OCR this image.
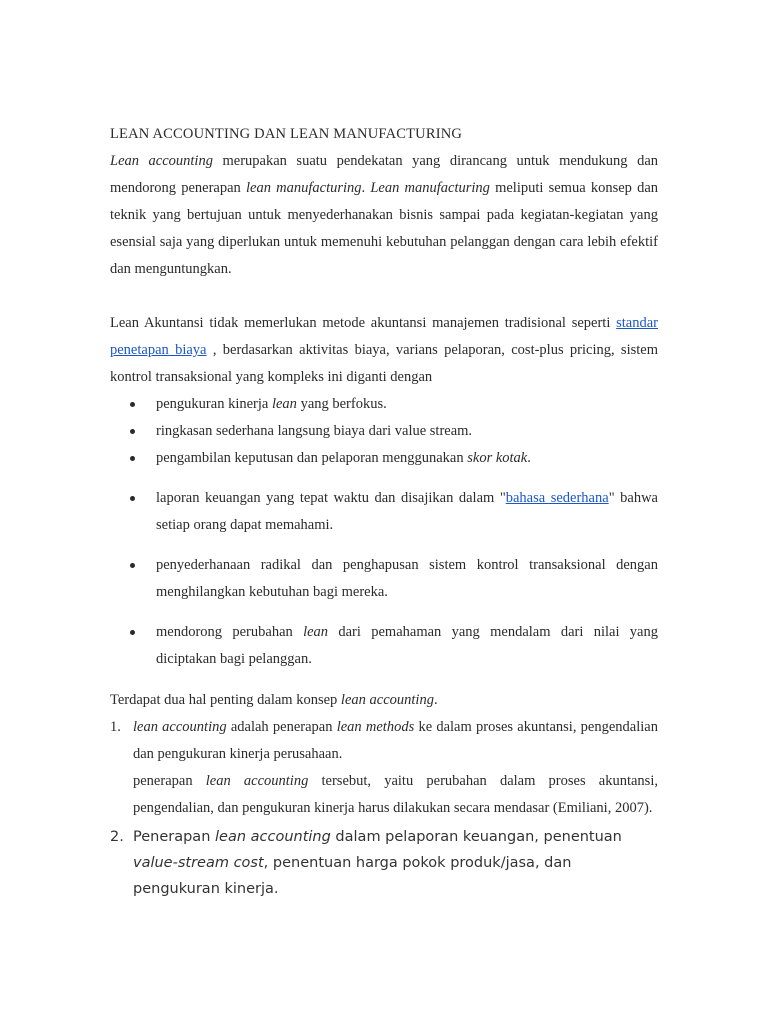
LEAN ACCOUNTING DAN LEAN MANUFACTURING

Lean accounting merupakan suatu pendekatan yang dirancang untuk mendukung dan mendorong penerapan lean manufacturing. Lean manufacturing meliputi semua konsep dan teknik yang bertujuan untuk menyederhanakan bisnis sampai pada kegiatan-kegiatan yang esensial saja yang diperlukan untuk memenuhi kebutuhan pelanggan dengan cara lebih efektif dan menguntungkan.

Lean Akuntansi tidak memerlukan metode akuntansi manajemen tradisional seperti standar penetapan biaya , berdasarkan aktivitas biaya, varians pelaporan, cost-plus pricing, sistem kontrol transaksional yang kompleks ini diganti dengan

pengukuran kinerja lean yang berfokus.
ringkasan sederhana langsung biaya dari value stream.
pengambilan keputusan dan pelaporan menggunakan skor kotak.
laporan keuangan yang tepat waktu dan disajikan dalam "bahasa sederhana" bahwa setiap orang dapat memahami.
penyederhanaan radikal dan penghapusan sistem kontrol transaksional dengan menghilangkan kebutuhan bagi mereka.
mendorong perubahan lean dari pemahaman yang mendalam dari nilai yang diciptakan bagi pelanggan.

Terdapat dua hal penting dalam konsep lean accounting.

1. lean accounting adalah penerapan lean methods ke dalam proses akuntansi, pengendalian dan pengukuran kinerja perusahaan.
penerapan lean accounting tersebut, yaitu perubahan dalam proses akuntansi, pengendalian, dan pengukuran kinerja harus dilakukan secara mendasar (Emiliani, 2007).
2. Penerapan lean accounting dalam pelaporan keuangan, penentuan value-stream cost, penentuan harga pokok produk/jasa, dan pengukuran kinerja.
